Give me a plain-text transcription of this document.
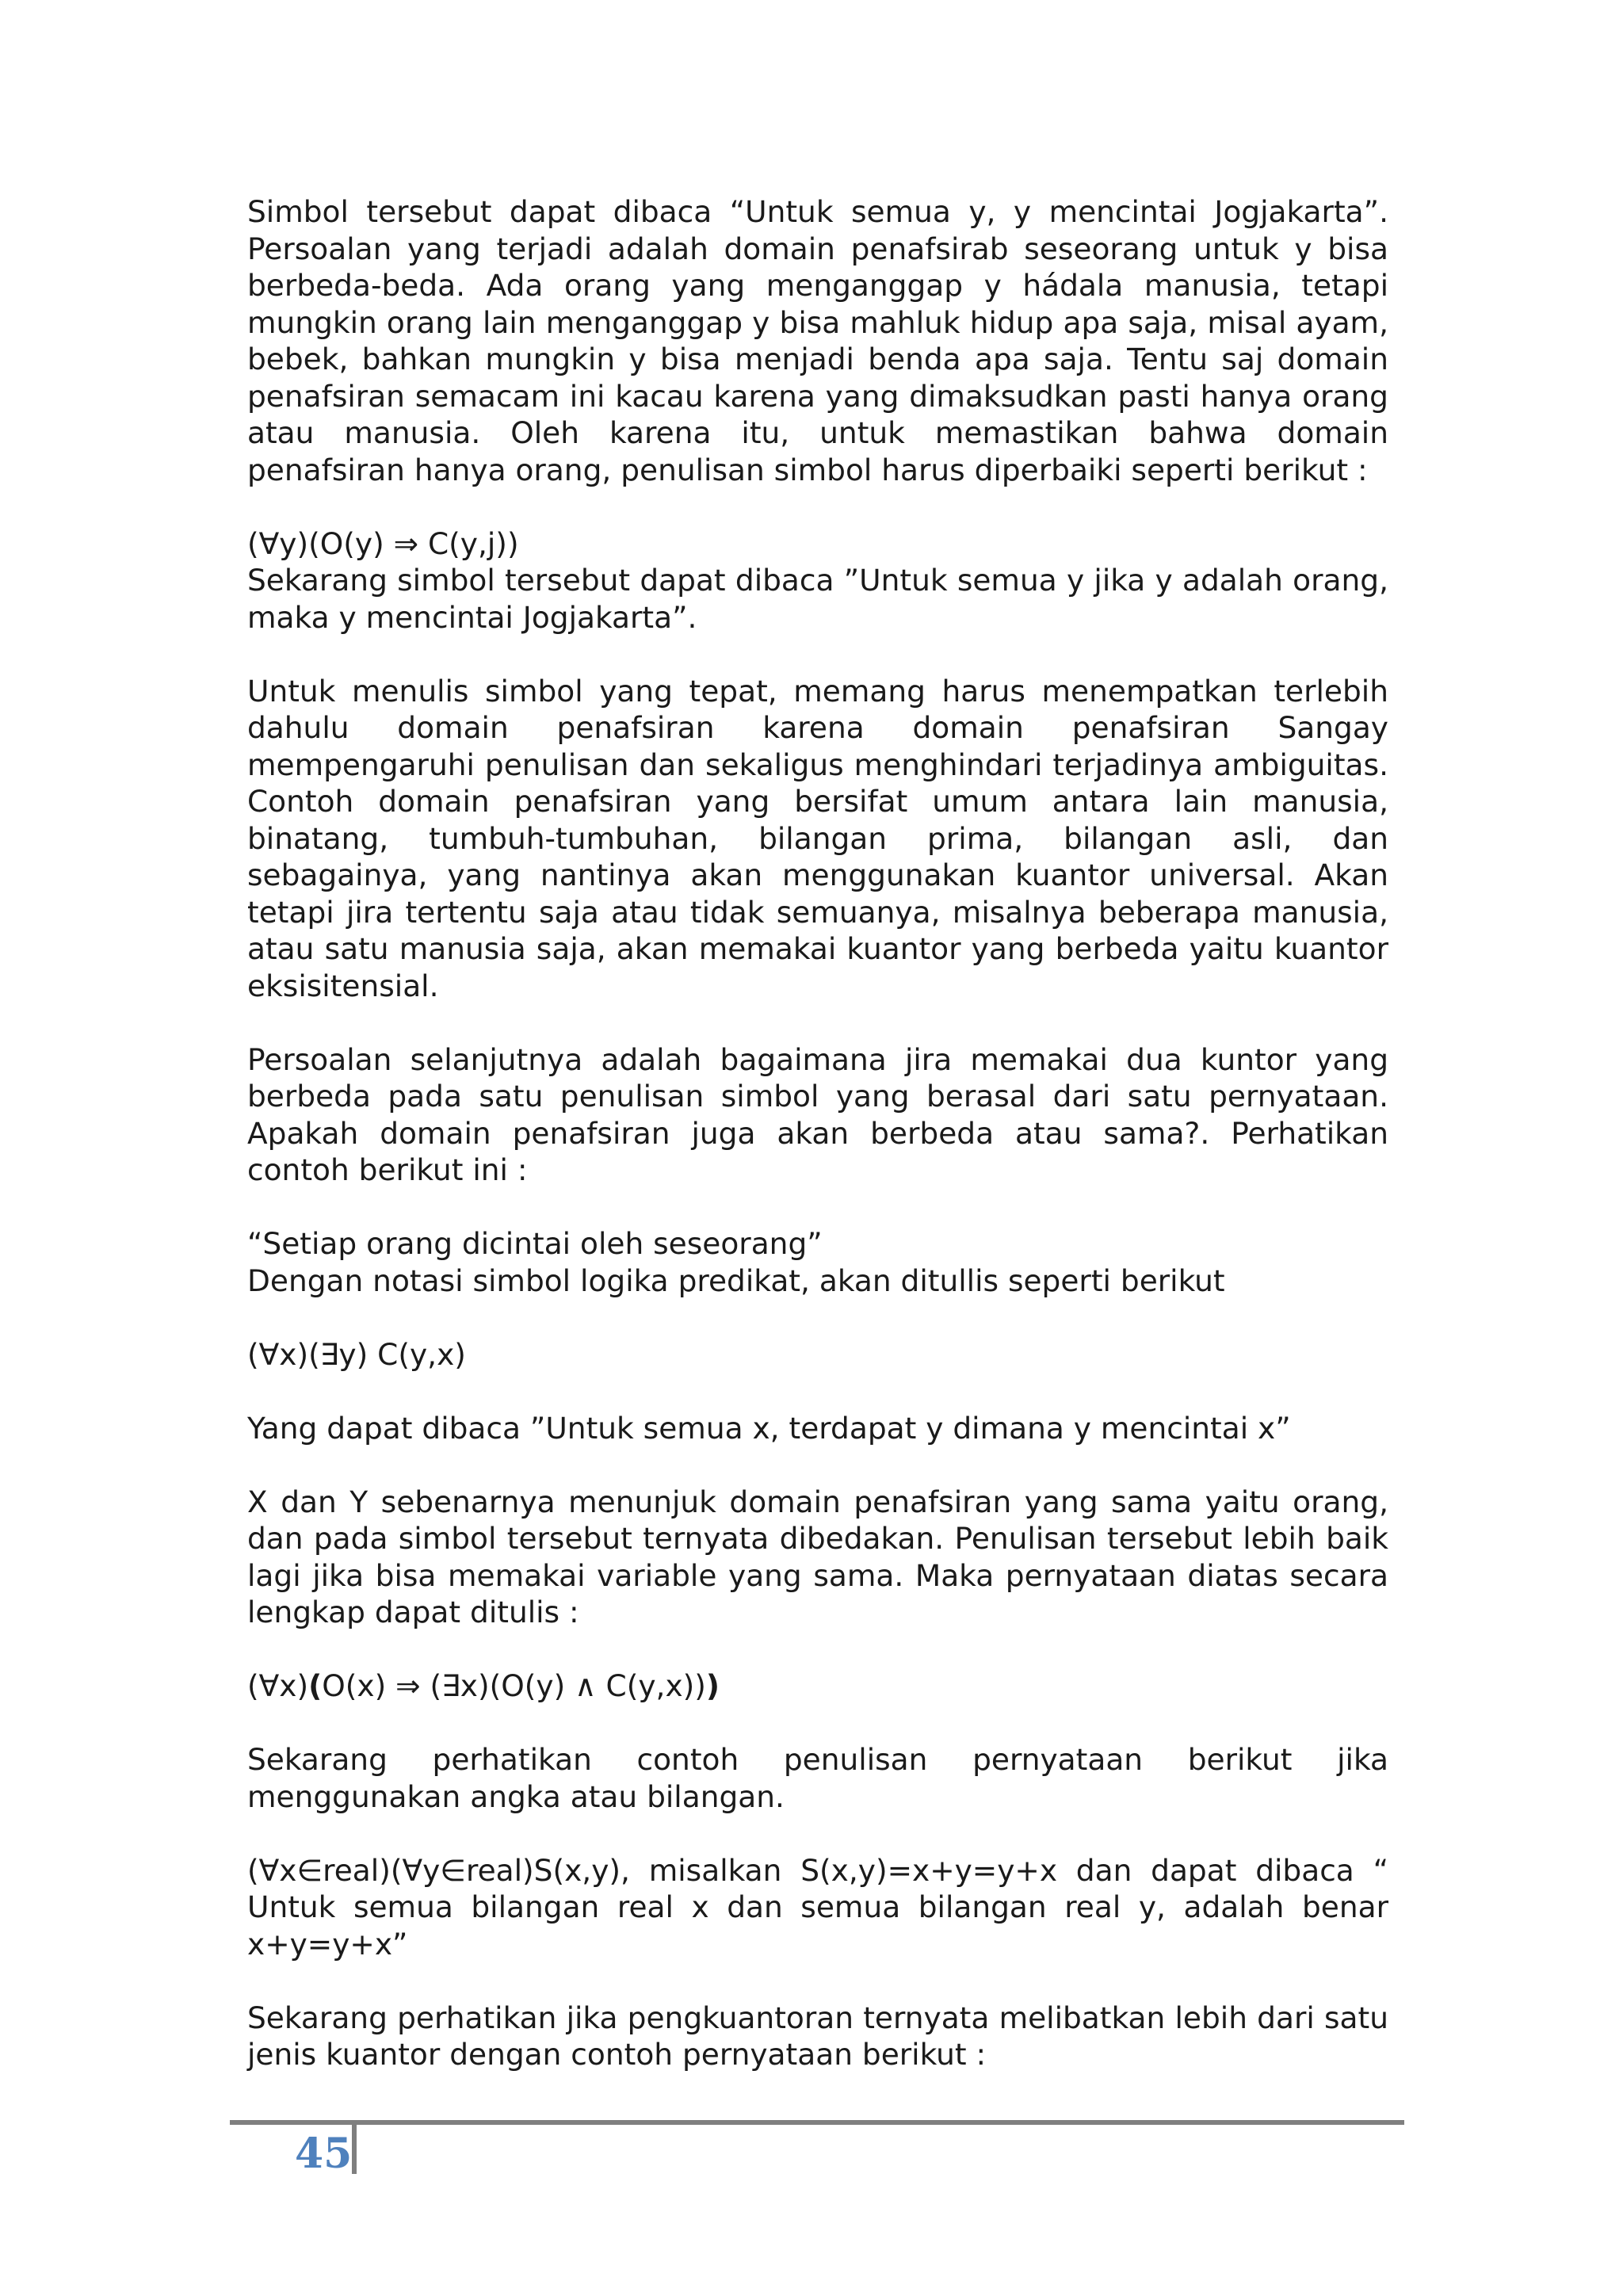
Simbol tersebut dapat dibaca “Untuk semua y, y mencintai Jogjakarta”. Persoalan yang terjadi adalah domain penafsirab seseorang untuk y bisa berbeda-beda. Ada orang yang menganggap y hádala manusia, tetapi mungkin orang lain menganggap y bisa mahluk hidup apa saja, misal ayam, bebek, bahkan mungkin y bisa menjadi benda apa saja. Tentu saj domain penafsiran semacam ini kacau karena yang dimaksudkan pasti hanya orang atau manusia. Oleh karena itu, untuk memastikan bahwa domain penafsiran hanya orang, penulisan simbol harus diperbaiki seperti berikut :

(∀y)(O(y) ⇒ C(y,j))
Sekarang simbol tersebut dapat dibaca ”Untuk semua y jika y adalah orang, maka y mencintai Jogjakarta”.

Untuk menulis simbol yang tepat, memang harus menempatkan terlebih dahulu domain penafsiran karena domain penafsiran Sangay mempengaruhi penulisan dan sekaligus menghindari terjadinya ambiguitas. Contoh domain penafsiran yang bersifat umum antara lain manusia, binatang, tumbuh-tumbuhan, bilangan prima, bilangan asli, dan sebagainya, yang nantinya akan menggunakan kuantor universal. Akan tetapi jira tertentu saja atau tidak semuanya, misalnya beberapa manusia, atau satu manusia saja, akan memakai kuantor yang berbeda yaitu kuantor eksisitensial.

Persoalan selanjutnya adalah bagaimana jira memakai dua kuntor yang berbeda pada satu penulisan simbol yang berasal dari satu pernyataan. Apakah domain penafsiran juga akan berbeda atau sama?. Perhatikan contoh berikut ini :

“Setiap orang dicintai oleh seseorang”
Dengan notasi simbol logika predikat, akan ditullis seperti berikut

(∀x)(∃y) C(y,x)

Yang dapat dibaca ”Untuk semua x, terdapat y dimana y mencintai x”

X dan Y sebenarnya menunjuk domain penafsiran yang sama yaitu orang, dan pada simbol tersebut ternyata dibedakan. Penulisan tersebut lebih baik lagi jika bisa memakai variable yang sama. Maka pernyataan diatas secara lengkap dapat ditulis :

(∀x)(O(x) ⇒ (∃x)(O(y) ∧ C(y,x)))

Sekarang perhatikan contoh penulisan pernyataan berikut jika menggunakan angka atau bilangan.

(∀x∈real)(∀y∈real)S(x,y), misalkan S(x,y)=x+y=y+x dan dapat dibaca “ Untuk semua bilangan real x dan semua bilangan real y, adalah benar x+y=y+x”

Sekarang perhatikan jika pengkuantoran ternyata melibatkan lebih dari satu jenis kuantor dengan contoh pernyataan berikut :

45
